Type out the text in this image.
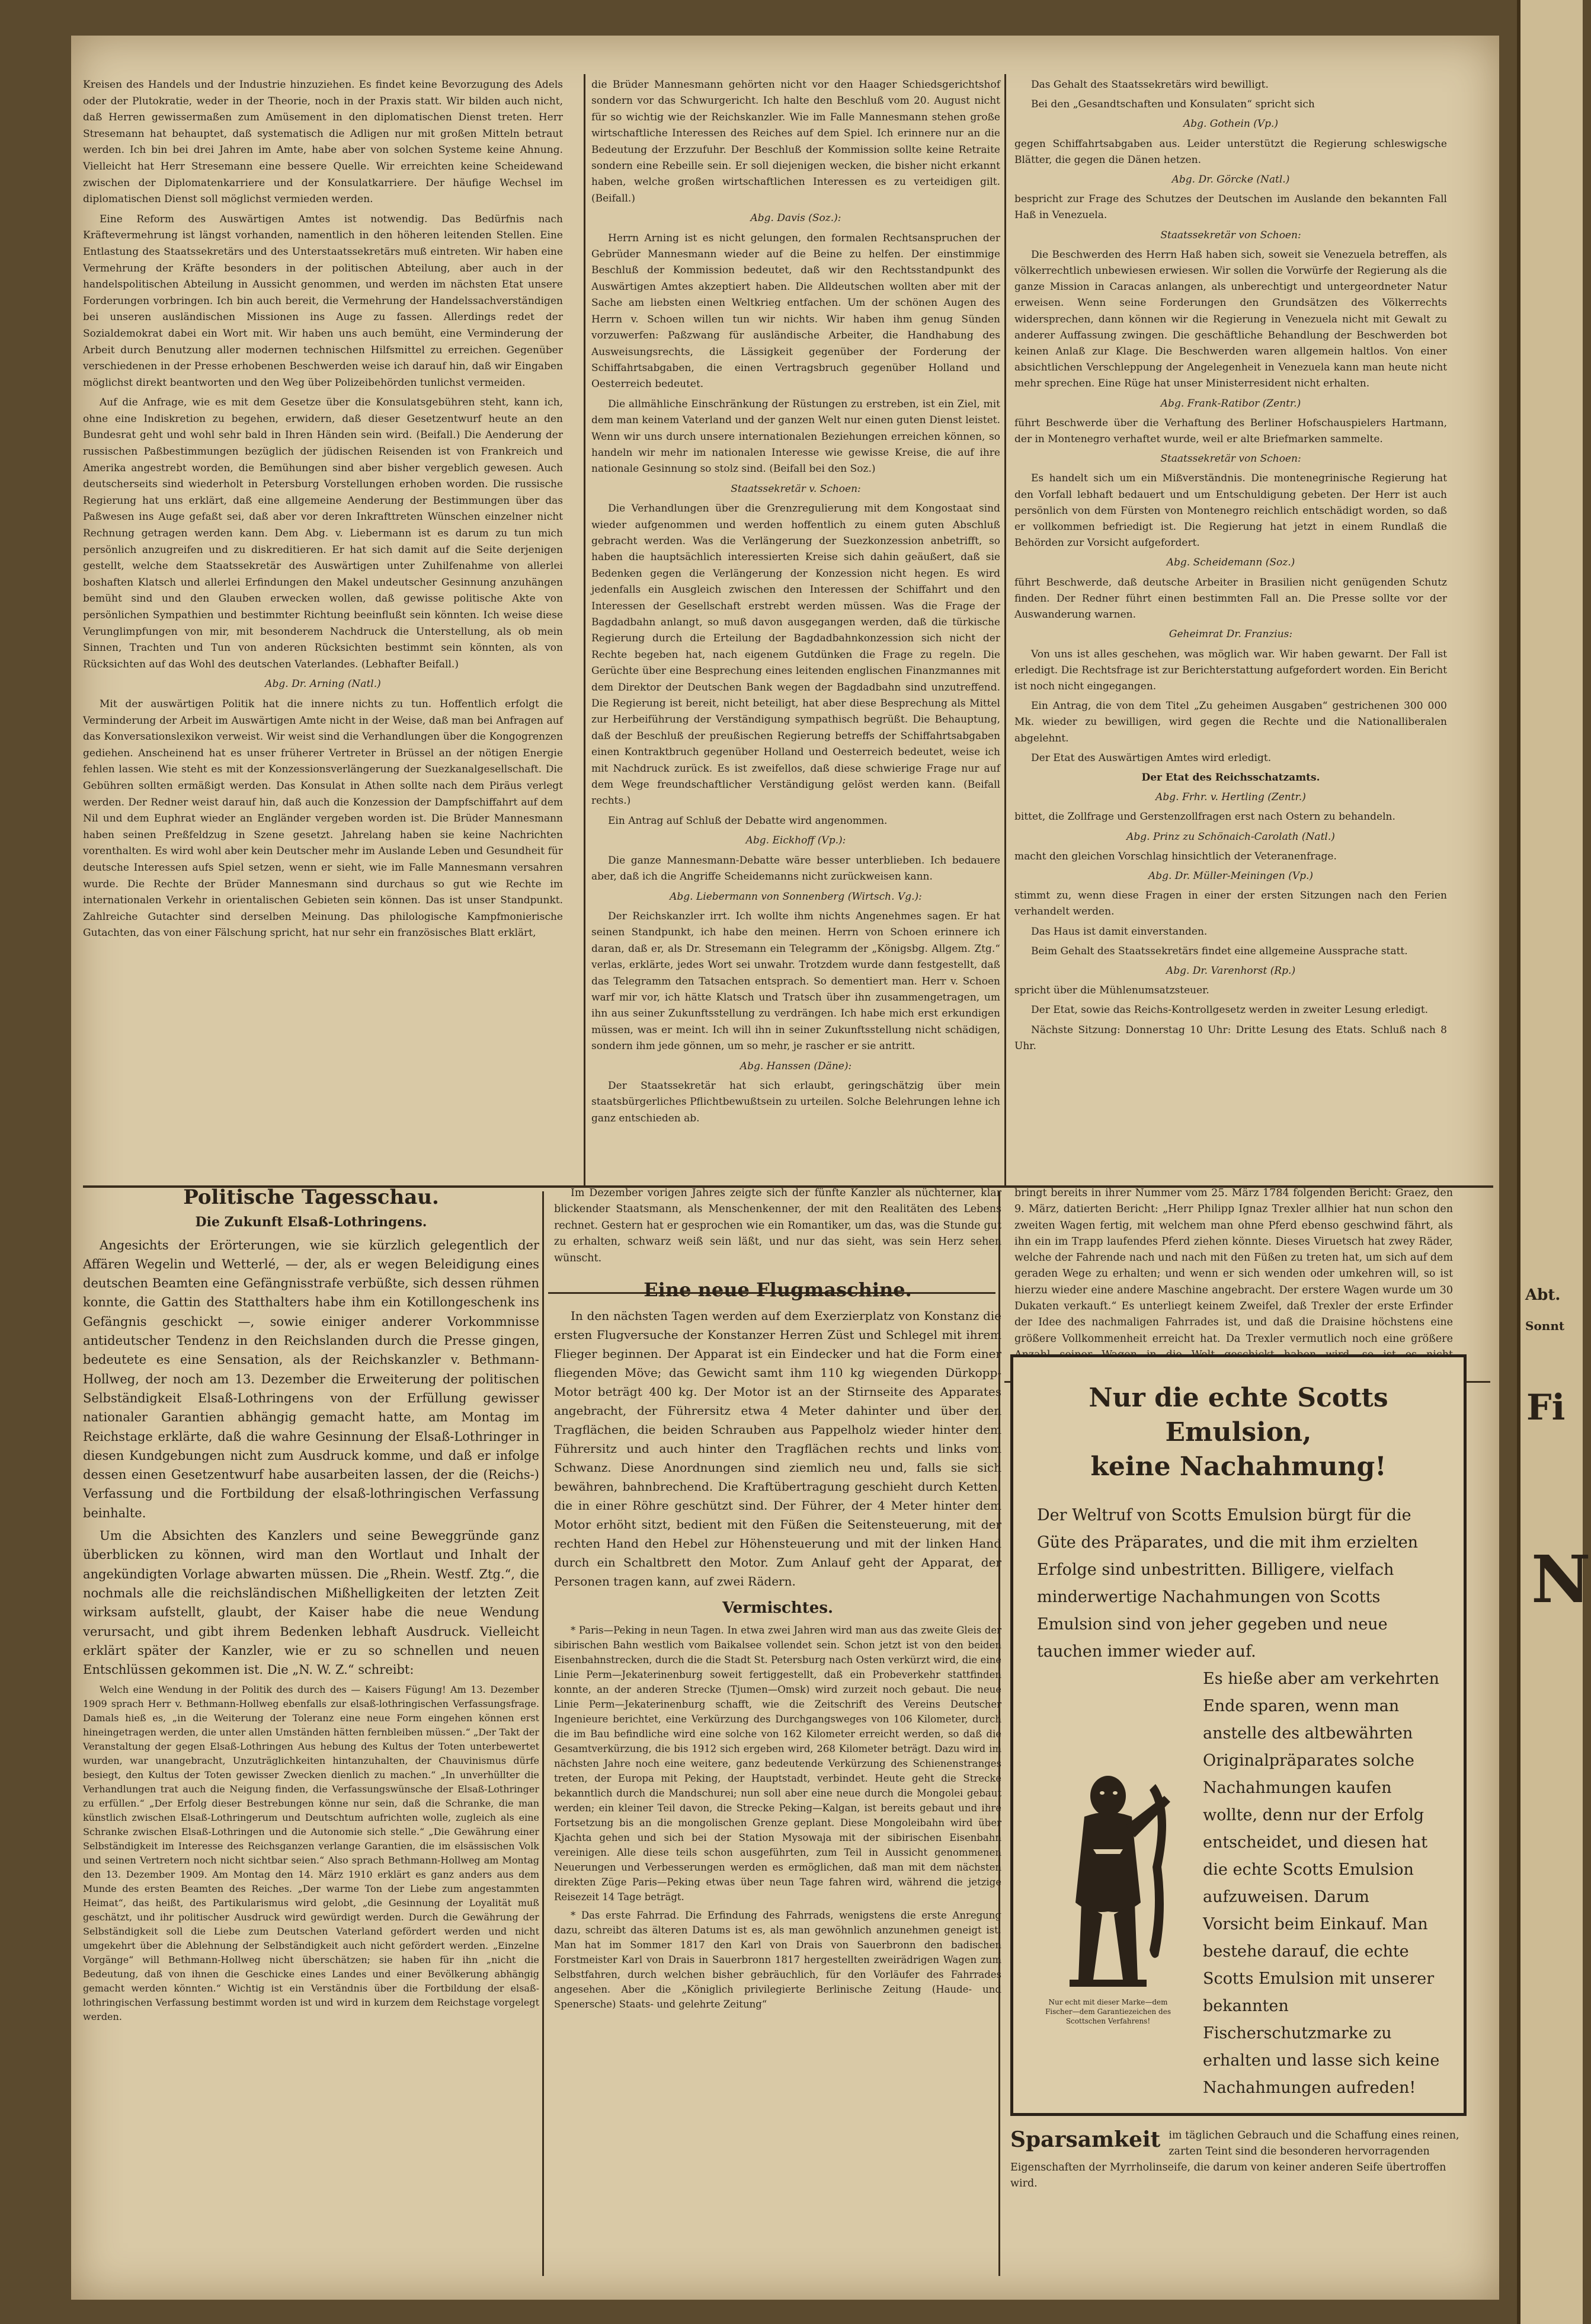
Abt.
Sonnt
Fi
N

Kreisen des Handels und der Industrie hinzuziehen. Es findet keine Bevorzugung des Adels oder der Plutokratie, weder in der Theorie, noch in der Praxis statt. Wir bilden auch nicht, daß Herren gewissermaßen zum Amüsement in den diplomatischen Dienst treten. Herr Stresemann hat behauptet, daß systematisch die Adligen nur mit großen Mitteln betraut werden. Ich bin bei drei Jahren im Amte, habe aber von solchen Systeme keine Ahnung. Vielleicht hat Herr Stresemann eine bessere Quelle. Wir erreichten keine Scheidewand zwischen der Diplomatenkarriere und der Konsulatkarriere. Der häufige Wechsel im diplomatischen Dienst soll möglichst vermieden werden.

Eine Reform des Auswärtigen Amtes ist notwendig. Das Bedürfnis nach Kräftevermehrung ist längst vorhanden, namentlich in den höheren leitenden Stellen. Eine Entlastung des Staatssekretärs und des Unterstaatssekretärs muß eintreten. Wir haben eine Vermehrung der Kräfte besonders in der politischen Abteilung, aber auch in der handelspolitischen Abteilung in Aussicht genommen, und werden im nächsten Etat unsere Forderungen vorbringen. Ich bin auch bereit, die Vermehrung der Handelssachverständigen bei unseren ausländischen Missionen ins Auge zu fassen. Allerdings redet der Sozialdemokrat dabei ein Wort mit. Wir haben uns auch bemüht, eine Verminderung der Arbeit durch Benutzung aller modernen technischen Hilfsmittel zu erreichen. Gegenüber verschiedenen in der Presse erhobenen Beschwerden weise ich darauf hin, daß wir Eingaben möglichst direkt beantworten und den Weg über Polizeibehörden tunlichst vermeiden.

Auf die Anfrage, wie es mit dem Gesetze über die Konsulatsgebühren steht, kann ich, ohne eine Indiskretion zu begehen, erwidern, daß dieser Gesetzentwurf heute an den Bundesrat geht und wohl sehr bald in Ihren Händen sein wird. (Beifall.) Die Aenderung der russischen Paßbestimmungen bezüglich der jüdischen Reisenden ist von Frankreich und Amerika angestrebt worden, die Bemühungen sind aber bisher vergeblich gewesen. Auch deutscherseits sind wiederholt in Petersburg Vorstellungen erhoben worden. Die russische Regierung hat uns erklärt, daß eine allgemeine Aenderung der Bestimmungen über das Paßwesen ins Auge gefaßt sei, daß aber vor deren Inkrafttreten Wünschen einzelner nicht Rechnung getragen werden kann. Dem Abg. v. Liebermann ist es darum zu tun mich persönlich anzugreifen und zu diskreditieren. Er hat sich damit auf die Seite derjenigen gestellt, welche dem Staatssekretär des Auswärtigen unter Zuhilfenahme von allerlei boshaften Klatsch und allerlei Erfindungen den Makel undeutscher Gesinnung anzuhängen bemüht sind und den Glauben erwecken wollen, daß gewisse politische Akte von persönlichen Sympathien und bestimmter Richtung beeinflußt sein könnten. Ich weise diese Verunglimpfungen von mir, mit besonderem Nachdruck die Unterstellung, als ob mein Sinnen, Trachten und Tun von anderen Rücksichten bestimmt sein könnten, als von Rücksichten auf das Wohl des deutschen Vaterlandes. (Lebhafter Beifall.)

Abg. Dr. Arning (Natl.)

Mit der auswärtigen Politik hat die innere nichts zu tun. Hoffentlich erfolgt die Verminderung der Arbeit im Auswärtigen Amte nicht in der Weise, daß man bei Anfragen auf das Konversationslexikon verweist. Wir weist sind die Verhandlungen über die Kongogrenzen gediehen. Anscheinend hat es unser früherer Vertreter in Brüssel an der nötigen Energie fehlen lassen. Wie steht es mit der Konzessionsverlängerung der Suezkanalgesellschaft. Die Gebühren sollten ermäßigt werden. Das Konsulat in Athen sollte nach dem Piräus verlegt werden. Der Redner weist darauf hin, daß auch die Konzession der Dampfschiffahrt auf dem Nil und dem Euphrat wieder an Engländer vergeben worden ist. Die Brüder Mannesmann haben seinen Preßfeldzug in Szene gesetzt. Jahrelang haben sie keine Nachrichten vorenthalten. Es wird wohl aber kein Deutscher mehr im Auslande Leben und Gesundheit für deutsche Interessen aufs Spiel setzen, wenn er sieht, wie im Falle Mannesmann versahren wurde. Die Rechte der Brüder Mannesmann sind durchaus so gut wie Rechte im internationalen Verkehr in orientalischen Gebieten sein können. Das ist unser Standpunkt. Zahlreiche Gutachter sind derselben Meinung. Das philologische Kampfmonierische Gutachten, das von einer Fälschung spricht, hat nur sehr ein französisches Blatt erklärt,

die Brüder Mannesmann gehörten nicht vor den Haager Schiedsgerichtshof sondern vor das Schwurgericht. Ich halte den Beschluß vom 20. August nicht für so wichtig wie der Reichskanzler. Wie im Falle Mannesmann stehen große wirtschaftliche Interessen des Reiches auf dem Spiel. Ich erinnere nur an die Bedeutung der Erzzufuhr. Der Beschluß der Kommission sollte keine Retraite sondern eine Rebeille sein. Er soll diejenigen wecken, die bisher nicht erkannt haben, welche großen wirtschaftlichen Interessen es zu verteidigen gilt. (Beifall.)

Abg. Davis (Soz.):

Herrn Arning ist es nicht gelungen, den formalen Rechtsanspruchen der Gebrüder Mannesmann wieder auf die Beine zu helfen. Der einstimmige Beschluß der Kommission bedeutet, daß wir den Rechtsstandpunkt des Auswärtigen Amtes akzeptiert haben. Die Alldeutschen wollten aber mit der Sache am liebsten einen Weltkrieg entfachen. Um der schönen Augen des Herrn v. Schoen willen tun wir nichts. Wir haben ihm genug Sünden vorzuwerfen: Paßzwang für ausländische Arbeiter, die Handhabung des Ausweisungsrechts, die Lässigkeit gegenüber der Forderung der Schiffahrtsabgaben, die einen Vertragsbruch gegenüber Holland und Oesterreich bedeutet.

Die allmähliche Einschränkung der Rüstungen zu erstreben, ist ein Ziel, mit dem man keinem Vaterland und der ganzen Welt nur einen guten Dienst leistet. Wenn wir uns durch unsere internationalen Beziehungen erreichen können, so handeln wir mehr im nationalen Interesse wie gewisse Kreise, die auf ihre nationale Gesinnung so stolz sind. (Beifall bei den Soz.)

Staatssekretär v. Schoen:

Die Verhandlungen über die Grenzregulierung mit dem Kongostaat sind wieder aufgenommen und werden hoffentlich zu einem guten Abschluß gebracht werden. Was die Verlängerung der Suezkonzession anbetrifft, so haben die hauptsächlich interessierten Kreise sich dahin geäußert, daß sie Bedenken gegen die Verlängerung der Konzession nicht hegen. Es wird jedenfalls ein Ausgleich zwischen den Interessen der Schiffahrt und den Interessen der Gesellschaft erstrebt werden müssen. Was die Frage der Bagdadbahn anlangt, so muß davon ausgegangen werden, daß die türkische Regierung durch die Erteilung der Bagdadbahnkonzession sich nicht der Rechte begeben hat, nach eigenem Gutdünken die Frage zu regeln. Die Gerüchte über eine Besprechung eines leitenden englischen Finanzmannes mit dem Direktor der Deutschen Bank wegen der Bagdadbahn sind unzutreffend. Die Regierung ist bereit, nicht beteiligt, hat aber diese Besprechung als Mittel zur Herbeiführung der Verständigung sympathisch begrüßt. Die Behauptung, daß der Beschluß der preußischen Regierung betreffs der Schiffahrtsabgaben einen Kontraktbruch gegenüber Holland und Oesterreich bedeutet, weise ich mit Nachdruck zurück. Es ist zweifellos, daß diese schwierige Frage nur auf dem Wege freundschaftlicher Verständigung gelöst werden kann. (Beifall rechts.)

Ein Antrag auf Schluß der Debatte wird angenommen.

Abg. Eickhoff (Vp.):

Die ganze Mannesmann-Debatte wäre besser unterblieben. Ich bedauere aber, daß ich die Angriffe Scheidemanns nicht zurückweisen kann.

Abg. Liebermann von Sonnenberg (Wirtsch. Vg.):

Der Reichskanzler irrt. Ich wollte ihm nichts Angenehmes sagen. Er hat seinen Standpunkt, ich habe den meinen. Herrn von Schoen erinnere ich daran, daß er, als Dr. Stresemann ein Telegramm der „Königsbg. Allgem. Ztg.“ verlas, erklärte, jedes Wort sei unwahr. Trotzdem wurde dann festgestellt, daß das Telegramm den Tatsachen entsprach. So dementiert man. Herr v. Schoen warf mir vor, ich hätte Klatsch und Tratsch über ihn zusammengetragen, um ihn aus seiner Zukunftsstellung zu verdrängen. Ich habe mich erst erkundigen müssen, was er meint. Ich will ihn in seiner Zukunftsstellung nicht schädigen, sondern ihm jede gönnen, um so mehr, je rascher er sie antritt.

Abg. Hanssen (Däne):

Der Staatssekretär hat sich erlaubt, geringschätzig über mein staatsbürgerliches Pflichtbewußtsein zu urteilen. Solche Belehrungen lehne ich ganz entschieden ab.

Das Gehalt des Staatssekretärs wird bewilligt.

Bei den „Gesandtschaften und Konsulaten“ spricht sich

Abg. Gothein (Vp.)

gegen Schiffahrtsabgaben aus. Leider unterstützt die Regierung schleswigsche Blätter, die gegen die Dänen hetzen.

Abg. Dr. Görcke (Natl.)

bespricht zur Frage des Schutzes der Deutschen im Auslande den bekannten Fall Haß in Venezuela.

Staatssekretär von Schoen:

Die Beschwerden des Herrn Haß haben sich, soweit sie Venezuela betreffen, als völkerrechtlich unbewiesen erwiesen. Wir sollen die Vorwürfe der Regierung als die ganze Mission in Caracas anlangen, als unberechtigt und untergeordneter Natur erweisen. Wenn seine Forderungen den Grundsätzen des Völkerrechts widersprechen, dann können wir die Regierung in Venezuela nicht mit Gewalt zu anderer Auffassung zwingen. Die geschäftliche Behandlung der Beschwerden bot keinen Anlaß zur Klage. Die Beschwerden waren allgemein haltlos. Von einer absichtlichen Verschleppung der Angelegenheit in Venezuela kann man heute nicht mehr sprechen. Eine Rüge hat unser Ministerresident nicht erhalten.

Abg. Frank-Ratibor (Zentr.)

führt Beschwerde über die Verhaftung des Berliner Hofschauspielers Hartmann, der in Montenegro verhaftet wurde, weil er alte Briefmarken sammelte.

Staatssekretär von Schoen:

Es handelt sich um ein Mißverständnis. Die montenegrinische Regierung hat den Vorfall lebhaft bedauert und um Entschuldigung gebeten. Der Herr ist auch persönlich von dem Fürsten von Montenegro reichlich entschädigt worden, so daß er vollkommen befriedigt ist. Die Regierung hat jetzt in einem Rundlaß die Behörden zur Vorsicht aufgefordert.

Abg. Scheidemann (Soz.)

führt Beschwerde, daß deutsche Arbeiter in Brasilien nicht genügenden Schutz finden. Der Redner führt einen bestimmten Fall an. Die Presse sollte vor der Auswanderung warnen.

Geheimrat Dr. Franzius:

Von uns ist alles geschehen, was möglich war. Wir haben gewarnt. Der Fall ist erledigt. Die Rechtsfrage ist zur Berichterstattung aufgefordert worden. Ein Bericht ist noch nicht eingegangen.

Ein Antrag, die von dem Titel „Zu geheimen Ausgaben“ gestrichenen 300 000 Mk. wieder zu bewilligen, wird gegen die Rechte und die Nationalliberalen abgelehnt.

Der Etat des Auswärtigen Amtes wird erledigt.

Der Etat des Reichsschatzamts.

Abg. Frhr. v. Hertling (Zentr.)

bittet, die Zollfrage und Gerstenzollfragen erst nach Ostern zu behandeln.

Abg. Prinz zu Schönaich-Carolath (Natl.)

macht den gleichen Vorschlag hinsichtlich der Veteranenfrage.

Abg. Dr. Müller-Meiningen (Vp.)

stimmt zu, wenn diese Fragen in einer der ersten Sitzungen nach den Ferien verhandelt werden.

Das Haus ist damit einverstanden.

Beim Gehalt des Staatssekretärs findet eine allgemeine Aussprache statt.

Abg. Dr. Varenhorst (Rp.)

spricht über die Mühlenumsatzsteuer.

Der Etat, sowie das Reichs-Kontrollgesetz werden in zweiter Lesung erledigt.

Nächste Sitzung: Donnerstag 10 Uhr: Dritte Lesung des Etats. Schluß nach 8 Uhr.

Politische Tagesschau.
Die Zukunft Elsaß-Lothringens.

Angesichts der Erörterungen, wie sie kürzlich gelegentlich der Affären Wegelin und Wetterlé, — der, als er wegen Beleidigung eines deutschen Beamten eine Gefängnisstrafe verbüßte, sich dessen rühmen konnte, die Gattin des Statthalters habe ihm ein Kotillongeschenk ins Gefängnis geschickt —, sowie einiger anderer Vorkommnisse antideutscher Tendenz in den Reichslanden durch die Presse gingen, bedeutete es eine Sensation, als der Reichskanzler v. Bethmann-Hollweg, der noch am 13. Dezember die Erweiterung der politischen Selbständigkeit Elsaß-Lothringens von der Erfüllung gewisser nationaler Garantien abhängig gemacht hatte, am Montag im Reichstage erklärte, daß die wahre Gesinnung der Elsaß-Lothringer in diesen Kundgebungen nicht zum Ausdruck komme, und daß er infolge dessen einen Gesetzentwurf habe ausarbeiten lassen, der die (Reichs-) Verfassung und die Fortbildung der elsaß-lothringischen Verfassung beinhalte.

Um die Absichten des Kanzlers und seine Beweggründe ganz überblicken zu können, wird man den Wortlaut und Inhalt der angekündigten Vorlage abwarten müssen. Die „Rhein. Westf. Ztg.“, die nochmals alle die reichsländischen Mißhelligkeiten der letzten Zeit wirksam aufstellt, glaubt, der Kaiser habe die neue Wendung verursacht, und gibt ihrem Bedenken lebhaft Ausdruck. Vielleicht erklärt später der Kanzler, wie er zu so schnellen und neuen Entschlüssen gekommen ist. Die „N. W. Z.“ schreibt:

Welch eine Wendung in der Politik des durch des — Kaisers Fügung! Am 13. Dezember 1909 sprach Herr v. Bethmann-Hollweg ebenfalls zur elsaß-lothringischen Verfassungsfrage. Damals hieß es, „in die Weiterung der Toleranz eine neue Form eingehen können erst hineingetragen werden, die unter allen Umständen hätten fernbleiben müssen.“ „Der Takt der Veranstaltung der gegen Elsaß-Lothringen Aus hebung des Kultus der Toten unterbewertet wurden, war unangebracht, Unzuträglichkeiten hintanzuhalten, der Chauvinismus dürfe besiegt, den Kultus der Toten gewisser Zwecken dienlich zu machen.“ „In unverhüllter die Verhandlungen trat auch die Neigung finden, die Verfassungswünsche der Elsaß-Lothringer zu erfüllen.“ „Der Erfolg dieser Bestrebungen könne nur sein, daß die Schranke, die man künstlich zwischen Elsaß-Lothringerum und Deutschtum aufrichten wolle, zugleich als eine Schranke zwischen Elsaß-Lothringen und die Autonomie sich stelle.“ „Die Gewährung einer Selbständigkeit im Interesse des Reichsganzen verlange Garantien, die im elsässischen Volk und seinen Vertretern noch nicht sichtbar seien.“ Also sprach Bethmann-Hollweg am Montag den 13. Dezember 1909. Am Montag den 14. März 1910 erklärt es ganz anders aus dem Munde des ersten Beamten des Reiches. „Der warme Ton der Liebe zum angestammten Heimat“, das heißt, des Partikularismus wird gelobt, „die Gesinnung der Loyalität muß geschätzt, und ihr politischer Ausdruck wird gewürdigt werden. Durch die Gewährung der Selbständigkeit soll die Liebe zum Deutschen Vaterland gefördert werden und nicht umgekehrt über die Ablehnung der Selbständigkeit auch nicht gefördert werden. „Einzelne Vorgänge“ will Bethmann-Hollweg nicht überschätzen; sie haben für ihn „nicht die Bedeutung, daß von ihnen die Geschicke eines Landes und einer Bevölkerung abhängig gemacht werden könnten.“ Wichtig ist ein Verständnis über die Fortbildung der elsaß-lothringischen Verfassung bestimmt worden ist und wird in kurzem dem Reichstage vorgelegt werden.

Im Dezember vorigen Jahres zeigte sich der fünfte Kanzler als nüchterner, klar blickender Staatsmann, als Menschenkenner, der mit den Realitäten des Lebens rechnet. Gestern hat er gesprochen wie ein Romantiker, um das, was die Stunde gut zu erhalten, schwarz weiß sein läßt, und nur das sieht, was sein Herz sehen wünscht.

Eine neue Flugmaschine.

In den nächsten Tagen werden auf dem Exerzierplatz von Konstanz die ersten Flugversuche der Konstanzer Herren Züst und Schlegel mit ihrem Flieger beginnen. Der Apparat ist ein Eindecker und hat die Form einer fliegenden Möve; das Gewicht samt ihm 110 kg wiegenden Dürkopp-Motor beträgt 400 kg. Der Motor ist an der Stirnseite des Apparates angebracht, der Führersitz etwa 4 Meter dahinter und über den Tragflächen, die beiden Schrauben aus Pappelholz wieder hinter dem Führersitz und auch hinter den Tragflächen rechts und links vom Schwanz. Diese Anordnungen sind ziemlich neu und, falls sie sich bewähren, bahnbrechend. Die Kraftübertragung geschieht durch Ketten, die in einer Röhre geschützt sind. Der Führer, der 4 Meter hinter dem Motor erhöht sitzt, bedient mit den Füßen die Seitensteuerung, mit der rechten Hand den Hebel zur Höhensteuerung und mit der linken Hand durch ein Schaltbrett den Motor. Zum Anlauf geht der Apparat, der Personen tragen kann, auf zwei Rädern.

Vermischtes.

* Paris—Peking in neun Tagen. In etwa zwei Jahren wird man aus das zweite Gleis der sibirischen Bahn westlich vom Baikalsee vollendet sein. Schon jetzt ist von den beiden Eisenbahnstrecken, durch die die Stadt St. Petersburg nach Osten verkürzt wird, die eine Linie Perm—Jekaterinenburg soweit fertiggestellt, daß ein Probeverkehr stattfinden konnte, an der anderen Strecke (Tjumen—Omsk) wird zurzeit noch gebaut. Die neue Linie Perm—Jekaterinenburg schafft, wie die Zeitschrift des Vereins Deutscher Ingenieure berichtet, eine Verkürzung des Durchgangsweges von 106 Kilometer, durch die im Bau befindliche wird eine solche von 162 Kilometer erreicht werden, so daß die Gesamtverkürzung, die bis 1912 sich ergeben wird, 268 Kilometer beträgt. Dazu wird im nächsten Jahre noch eine weitere, ganz bedeutende Verkürzung des Schienenstranges treten, der Europa mit Peking, der Hauptstadt, verbindet. Heute geht die Strecke bekanntlich durch die Mandschurei; nun soll aber eine neue durch die Mongolei gebaut werden; ein kleiner Teil davon, die Strecke Peking—Kalgan, ist bereits gebaut und ihre Fortsetzung bis an die mongolischen Grenze geplant. Diese Mongoleibahn wird über Kjachta gehen und sich bei der Station Mysowaja mit der sibirischen Eisenbahn vereinigen. Alle diese teils schon ausgeführten, zum Teil in Aussicht genommenen Neuerungen und Verbesserungen werden es ermöglichen, daß man mit dem nächsten direkten Züge Paris—Peking etwas über neun Tage fahren wird, während die jetzige Reisezeit 14 Tage beträgt.

* Das erste Fahrrad. Die Erfindung des Fahrrads, wenigstens die erste Anregung dazu, schreibt das älteren Datums ist es, als man gewöhnlich anzunehmen geneigt ist. Man hat im Sommer 1817 den Karl von Drais von Sauerbronn den badischen Forstmeister Karl von Drais in Sauerbronn 1817 hergestellten zweirädrigen Wagen zum Selbstfahren, durch welchen bisher gebräuchlich, für den Vorläufer des Fahrrades angesehen. Aber die „Königlich privilegierte Berlinische Zeitung (Haude- und Spenersche) Staats- und gelehrte Zeitung“

bringt bereits in ihrer Nummer vom 25. März 1784 folgenden Bericht: Graez, den 9. März, datierten Bericht: „Herr Philipp Ignaz Trexler allhier hat nun schon den zweiten Wagen fertig, mit welchem man ohne Pferd ebenso geschwind fährt, als ihn ein im Trapp laufendes Pferd ziehen könnte. Dieses Viruetsch hat zwey Räder, welche der Fahrende nach und nach mit den Füßen zu treten hat, um sich auf dem geraden Wege zu erhalten; und wenn er sich wenden oder umkehren will, so ist hierzu wieder eine andere Maschine angebracht. Der erstere Wagen wurde um 30 Dukaten verkauft.“ Es unterliegt keinem Zweifel, daß Trexler der erste Erfinder der Idee des nachmaligen Fahrrades ist, und daß die Draisine höchstens eine größere Vollkommenheit erreicht hat. Da Trexler vermutlich noch eine größere

Nur die echte Scotts Emulsion,
keine Nachahmung!
Der Weltruf von Scotts Emulsion bürgt für die Güte des Präparates, und die mit ihm erzielten Erfolge sind unbestritten. Billigere, vielfach minderwertige Nachahmungen von Scotts Emulsion sind von jeher gegeben und neue tauchen immer wieder auf.
Es hieße aber am verkehrten Ende sparen, wenn man anstelle des altbewährten Originalpräparates solche Nachahmungen kaufen wollte, denn nur der Erfolg entscheidet, und diesen hat die echte Scotts Emulsion aufzuweisen. Darum Vorsicht beim Einkauf. Man bestehe darauf, die echte Scotts Emulsion mit unserer bekannten Fischerschutzmarke zu erhalten und lasse sich keine Nachahmungen aufreden!
Nur echt mit dieser Marke—dem Fischer—dem Garantiezeichen des Scottschen Verfahrens!
Sparsamkeit im täglichen Gebrauch und die Schaffung eines reinen, zarten Teint sind die besonderen hervorragenden Eigenschaften der Myrrholinseife, die darum von keiner anderen Seife übertroffen wird.
